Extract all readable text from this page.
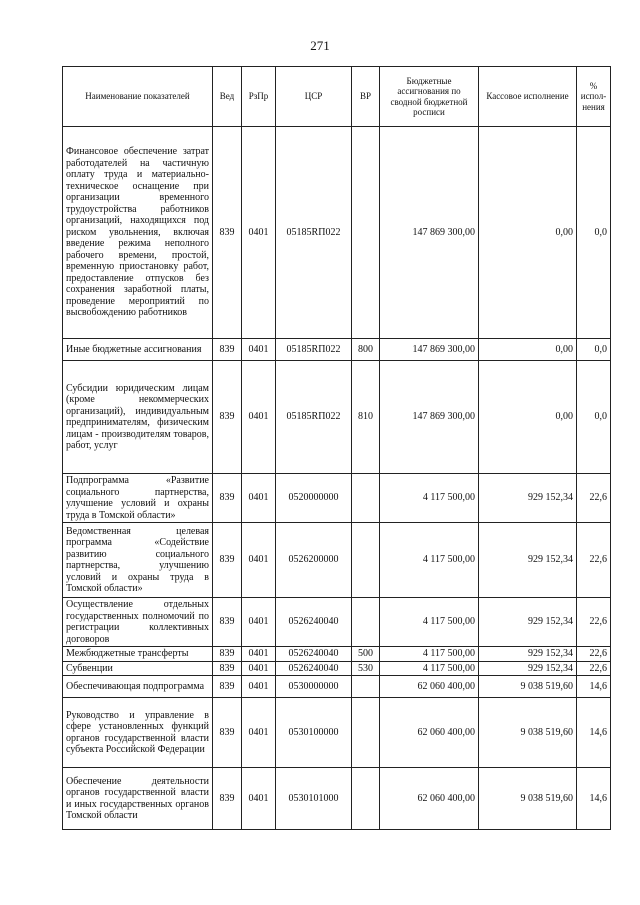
271
Наименование показателей	Вед	РзПр	ЦСР	ВР	Бюджетные ассигнования по сводной бюджетной росписи	Кассовое исполнение	% испол-нения
Финансовое обеспечение затрат работодателей на частичную оплату труда и материально-техническое оснащение при организации временного трудоустройства работников организаций, находящихся под риском увольнения, включая введение режима неполного рабочего времени, простой, временную приостановку работ, предоставление отпусков без сохранения заработной платы, проведение мероприятий по высвобождению работников	839	0401	05185RП022		147 869 300,00	0,00	0,0
Иные бюджетные ассигнования	839	0401	05185RП022	800	147 869 300,00	0,00	0,0
Субсидии юридическим лицам (кроме некоммерческих организаций), индивидуальным предпринимателям, физическим лицам - производителям товаров, работ, услуг	839	0401	05185RП022	810	147 869 300,00	0,00	0,0
Подпрограмма «Развитие социального партнерства, улучшение условий и охраны труда в Томской области»	839	0401	0520000000		4 117 500,00	929 152,34	22,6
Ведомственная целевая программа «Содействие развитию социального партнерства, улучшению условий и охраны труда в Томской области»	839	0401	0526200000		4 117 500,00	929 152,34	22,6
Осуществление отдельных государственных полномочий по регистрации коллективных договоров	839	0401	0526240040		4 117 500,00	929 152,34	22,6
Межбюджетные трансферты	839	0401	0526240040	500	4 117 500,00	929 152,34	22,6
Субвенции	839	0401	0526240040	530	4 117 500,00	929 152,34	22,6
Обеспечивающая подпрограмма	839	0401	0530000000		62 060 400,00	9 038 519,60	14,6
Руководство и управление в сфере установленных функций органов государственной власти субъекта Российской Федерации	839	0401	0530100000		62 060 400,00	9 038 519,60	14,6
Обеспечение деятельности органов государственной власти и иных государственных органов Томской области	839	0401	0530101000		62 060 400,00	9 038 519,60	14,6
